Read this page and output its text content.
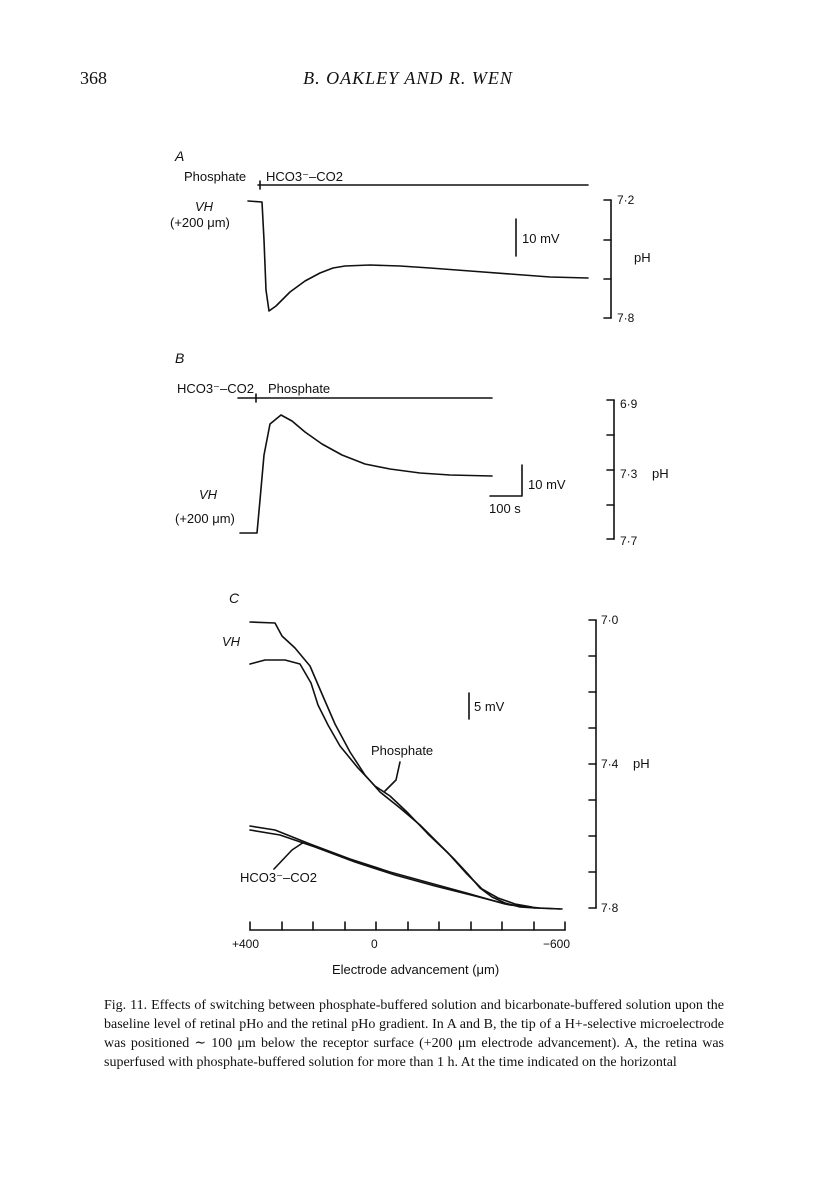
368	B. OAKLEY AND R. WEN
A
Phosphate HCO3⁻–CO2
VH
(+200 μm)
10 mV
7·2
7·8
pH
B
HCO3⁻–CO2 Phosphate
VH
(+200 μm)
10 mV
100 s
6·9
7·3
7·7
pH
C
VH
5 mV
Phosphate
HCO3⁻–CO2
7·0
7·4
7·8
pH
+400	0	−600
Electrode advancement (μm)

Fig. 11. Effects of switching between phosphate-buffered solution and bicarbonate-buffered solution upon the baseline level of retinal pHo and the retinal pHo gradient. In A and B, the tip of a H+-selective microelectrode was positioned ∼ 100 μm below the receptor surface (+200 μm electrode advancement). A, the retina was superfused with phosphate-buffered solution for more than 1 h. At the time indicated on the horizontal
